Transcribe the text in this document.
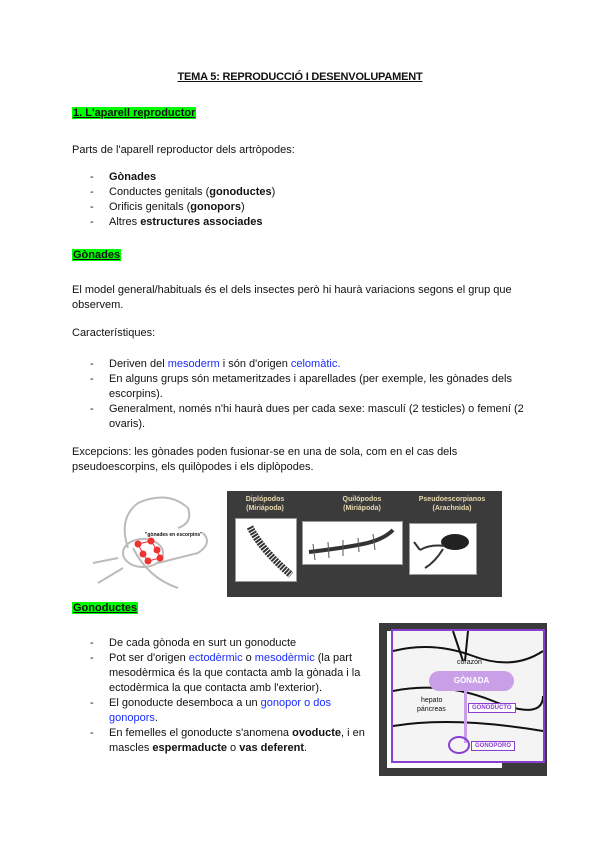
TEMA 5: REPRODUCCIÓ I DESENVOLUPAMENT
1. L'aparell reproductor
Parts de l'aparell reproductor dels artròpodes:
- Gònades
- Conductes genitals (gonoductes)
- Orificis genitals (gonopors)
- Altres estructures associades
Gònades
El model general/habituals és el dels insectes però hi haurà variacions segons el grup que observem.
Característiques:
- Deriven del mesoderm i són d'origen celomàtic.
- En alguns grups són metameritzades i aparellades (per exemple, les gònades dels escorpins).
- Generalment, només n'hi haurà dues per cada sexe: masculí (2 testicles) o femení (2 ovaris).
Excepcions: les gònades poden fusionar-se en una de sola, com en el cas dels pseudoescorpins, els quilòpodes i els diplòpodes.
"gònades en escorpins"
Diplópodos
(Miriápoda)
Quilópodos
(Miriápoda)
Pseudoescorpianos
(Arachnida)
Gonoductes
- De cada gònoda en surt un gonoducte
- Pot ser d'origen ectodèrmic o mesodèrmic (la part mesodèrmica és la que contacta amb la gònada i la ectodèrmica la que contacta amb l'exterior).
- El gonoducte desemboca a un gonopor o dos gonopors.
- En femelles el gonoducte s'anomena ovoducte, i en mascles espermaducte o vas deferent.
corazón
hepato
páncreas
GÒNADA
GONODUCTO
GONOPORO
